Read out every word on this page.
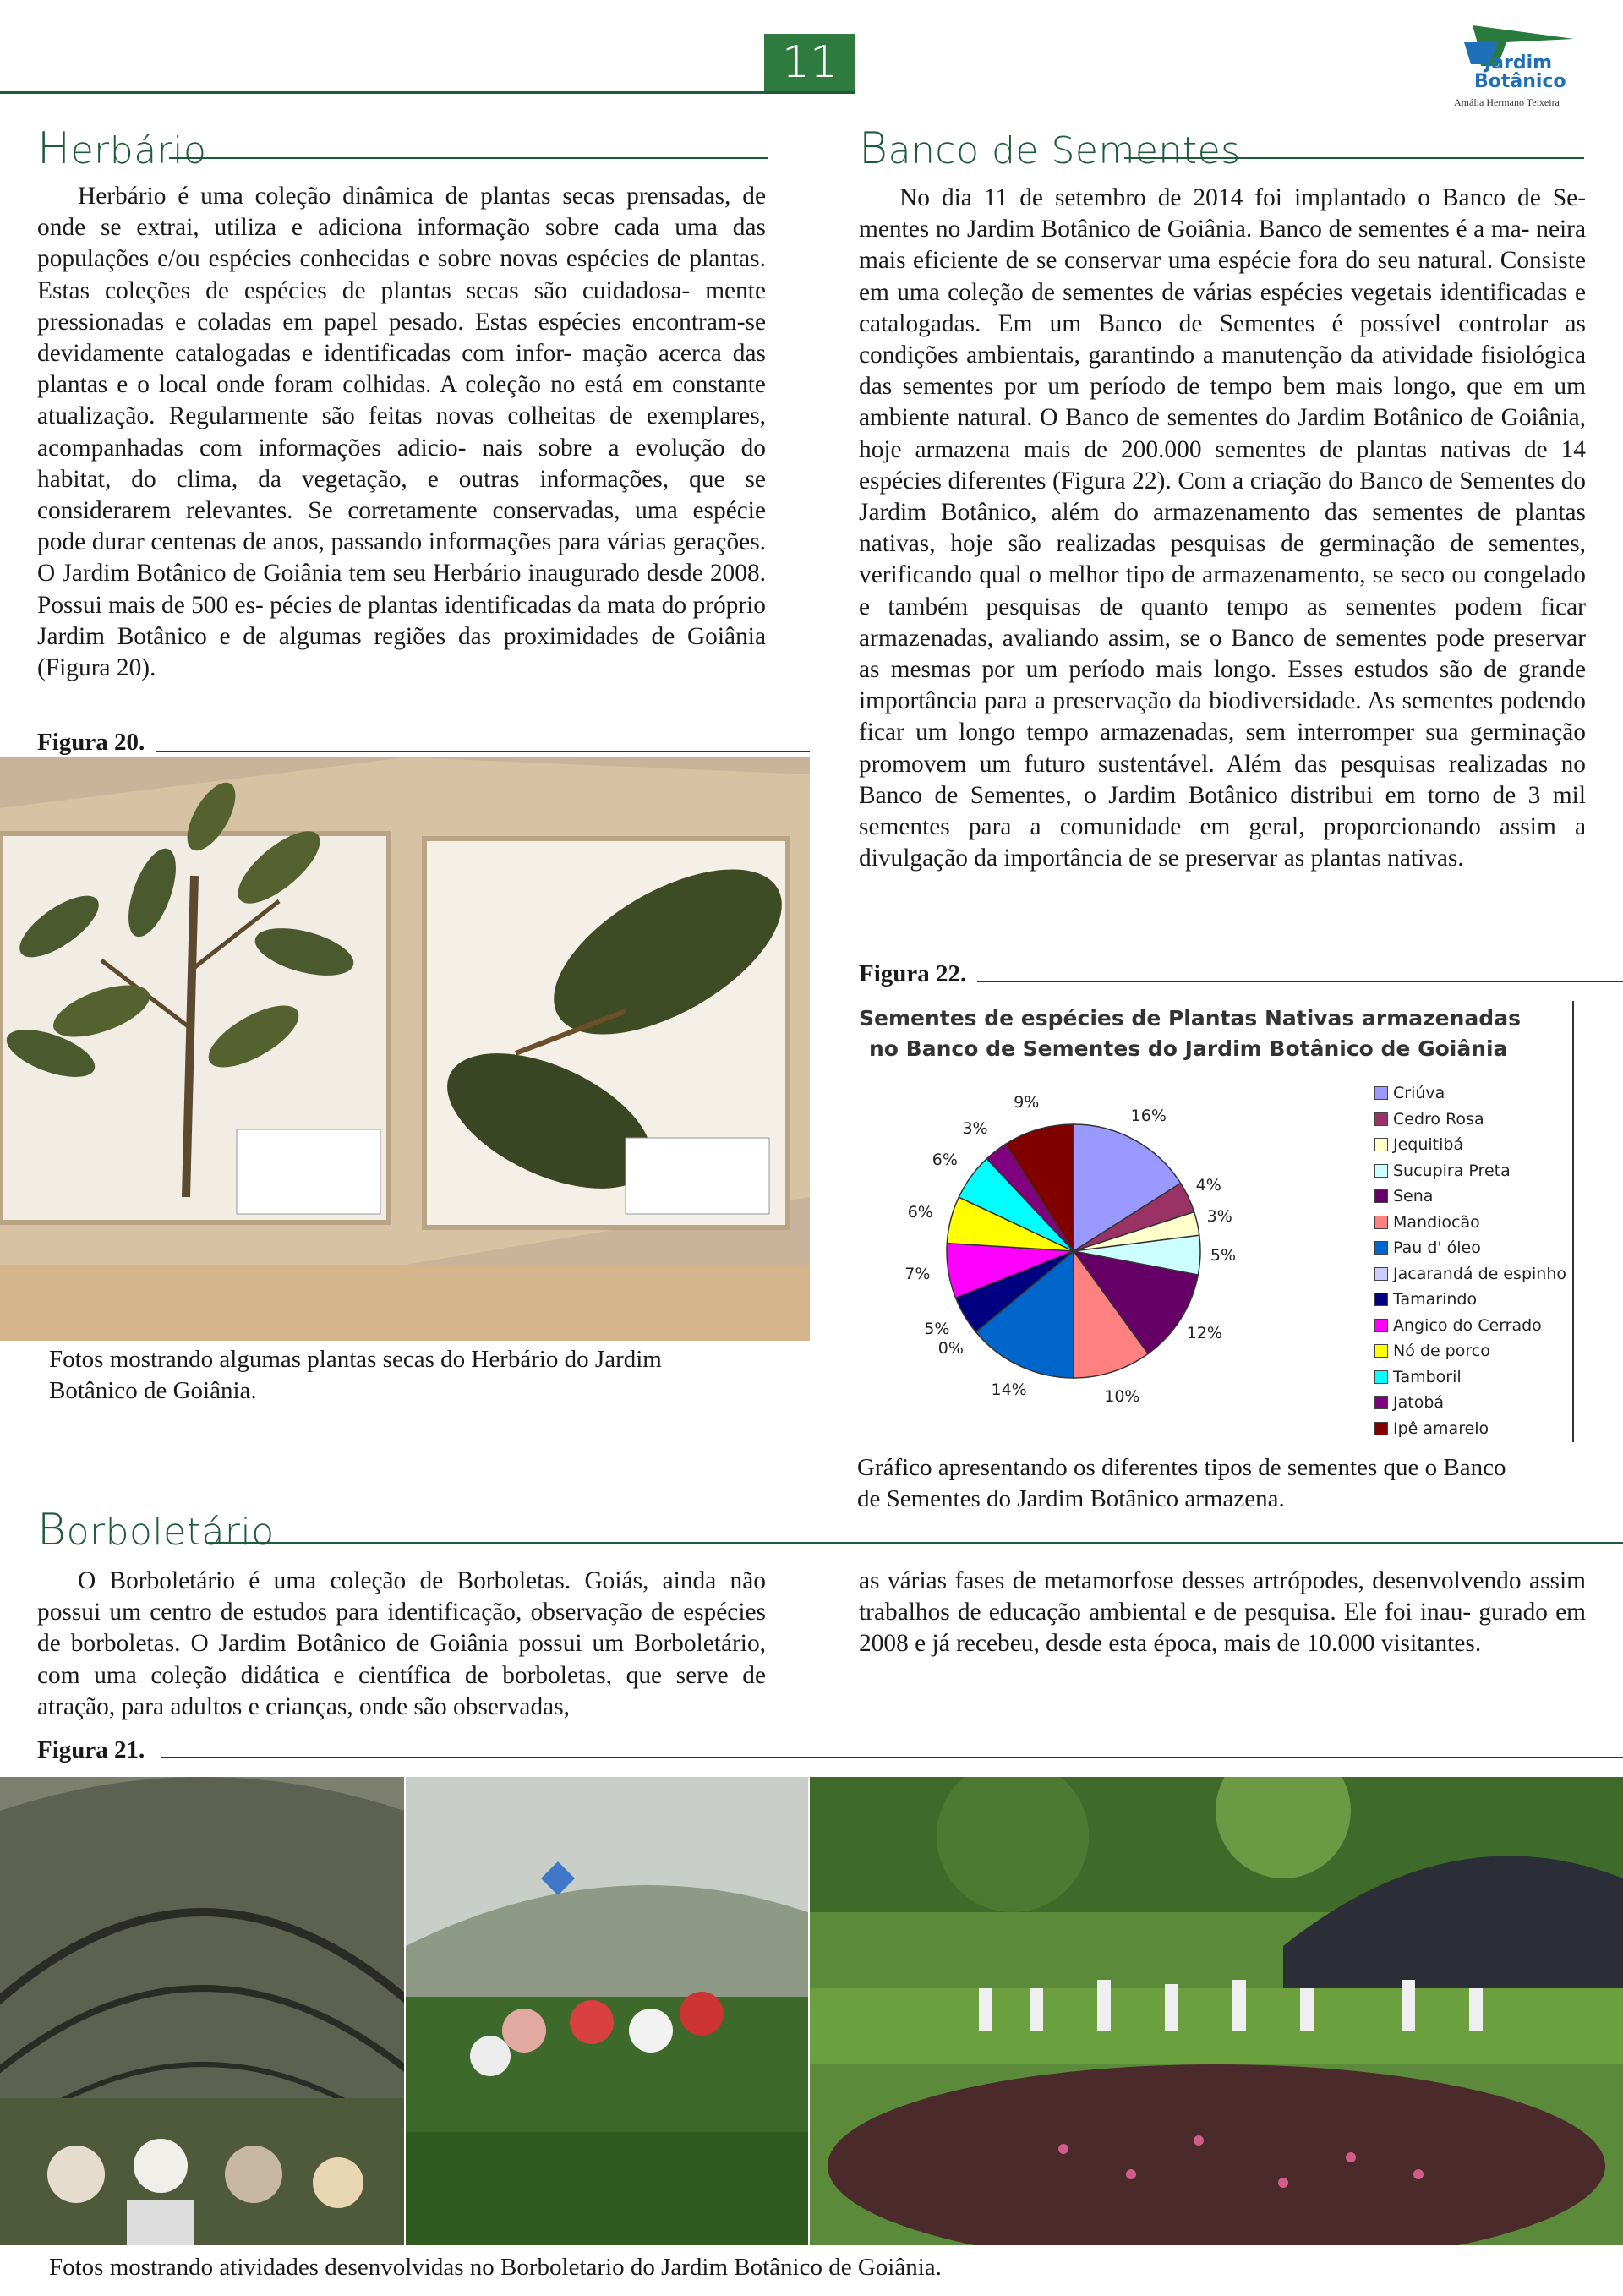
11	Jardim
Botânico
Amália Hermano Teixeira
Herbário

Herbário é uma coleção dinâmica de plantas secas prensadas, de onde se extrai, utiliza e adiciona informação sobre cada uma das populações e/ou espécies conhecidas e sobre novas espécies de plantas. Estas coleções de espécies de plantas secas são cuidadosa- mente pressionadas e coladas em papel pesado. Estas espécies encontram-se devidamente catalogadas e identificadas com infor- mação acerca das plantas e o local onde foram colhidas. A coleção no está em constante atualização. Regularmente são feitas novas colheitas de exemplares, acompanhadas com informações adicio- nais sobre a evolução do habitat, do clima, da vegetação, e outras informações, que se considerarem relevantes. Se corretamente conservadas, uma espécie pode durar centenas de anos, passando informações para várias gerações. O Jardim Botânico de Goiânia tem seu Herbário inaugurado desde 2008. Possui mais de 500 es- pécies de plantas identificadas da mata do próprio Jardim Botânico e de algumas regiões das proximidades de Goiânia (Figura 20).

Figura 20.

Fotos mostrando algumas plantas secas do Herbário do Jardim
Botânico de Goiânia.

Banco de Sementes

No dia 11 de setembro de 2014 foi implantado o Banco de Se- mentes no Jardim Botânico de Goiânia. Banco de sementes é a ma- neira mais eficiente de se conservar uma espécie fora do seu natural. Consiste em uma coleção de sementes de várias espécies vegetais identificadas e catalogadas. Em um Banco de Sementes é possível controlar as condições ambientais, garantindo a manutenção da atividade fisiológica das sementes por um período de tempo bem mais longo, que em um ambiente natural. O Banco de sementes do Jardim Botânico de Goiânia, hoje armazena mais de 200.000 sementes de plantas nativas de 14 espécies diferentes (Figura 22). Com a criação do Banco de Sementes do Jardim Botânico, além do armazenamento das sementes de plantas nativas, hoje são realizadas pesquisas de germinação de sementes, verificando qual o melhor tipo de armazenamento, se seco ou congelado e também pesquisas de quanto tempo as sementes podem ficar armazenadas, avaliando assim, se o Banco de sementes pode preservar as mesmas por um período mais longo. Esses estudos são de grande importância para a preservação da biodiversidade. As sementes podendo ficar um longo tempo armazenadas, sem interromper sua germinação promovem um futuro sustentável. Além das pesquisas realizadas no Banco de Sementes, o Jardim Botânico distribui em torno de 3 mil sementes para a comunidade em geral, proporcionando assim a divulgação da importância de se preservar as plantas nativas.

Figura 22.
Sementes de espécies de Plantas Nativas armazenadas
no Banco de Sementes do Jardim Botânico de Goiânia
16%
4%
3%
5%
12%
10%
14%
0%
5%
7%
6%
6%
3%
9%
Criúva
Cedro Rosa
Jequitibá
Sucupira Preta
Sena
Mandiocão
Pau d' óleo
Jacarandá de espinho
Tamarindo
Angico do Cerrado
Nó de porco
Tamboril
Jatobá
Ipê amarelo

Gráfico apresentando os diferentes tipos de sementes que o Banco
de Sementes do Jardim Botânico armazena.

Borboletário

O Borboletário é uma coleção de Borboletas. Goiás, ainda não possui um centro de estudos para identificação, observação de espécies de borboletas. O Jardim Botânico de Goiânia possui um Borboletário, com uma coleção didática e científica de borboletas, que serve de atração, para adultos e crianças, onde são observadas,

as várias fases de metamorfose desses artrópodes, desenvolvendo assim trabalhos de educação ambiental e de pesquisa. Ele foi inau- gurado em 2008 e já recebeu, desde esta época, mais de 10.000 visitantes.

Figura 21.
Fotos mostrando atividades desenvolvidas no Borboletario do Jardim Botânico de Goiânia.
